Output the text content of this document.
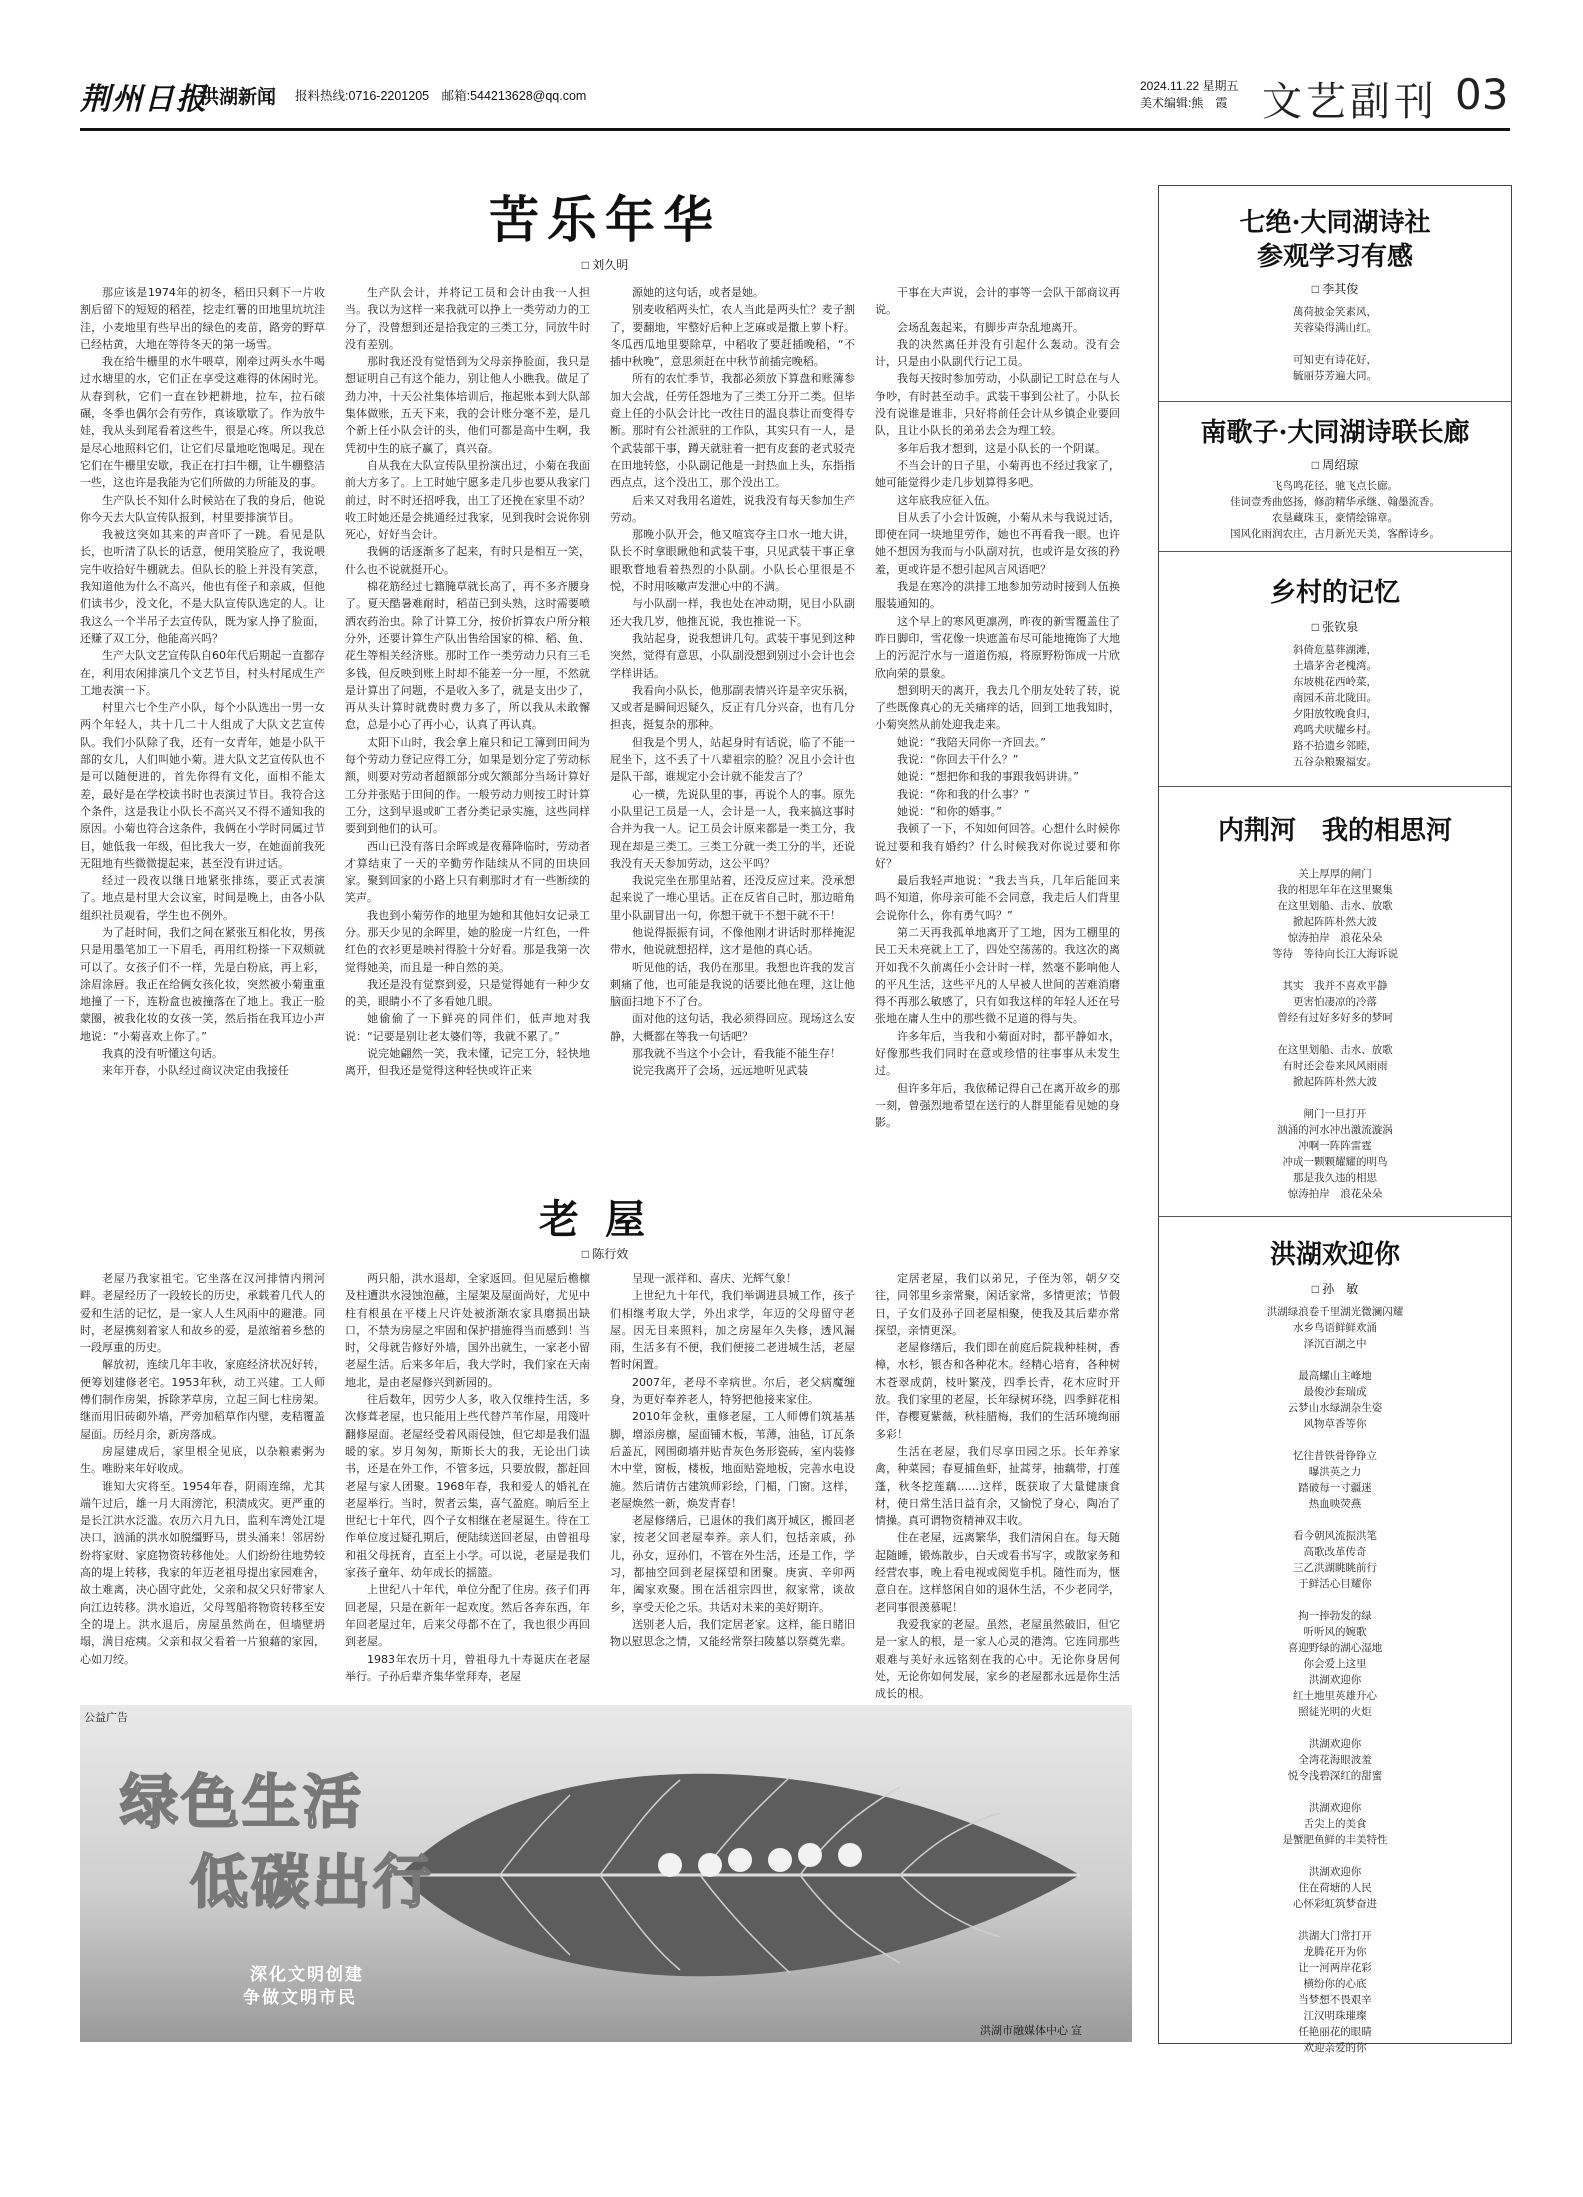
荆州日报
洪湖新闻 报料热线:0716-2201205　邮箱:544213628@qq.com
2024.11.22 星期五
美术编辑:熊　霞 文艺副刊 03
苦乐年华
□ 刘久明

那应该是1974年的初冬，稻田只剩下一片收割后留下的短短的稻茬，挖走红薯的田地里坑坑洼洼，小麦地里有些早出的绿色的麦苗，路旁的野草已经枯黄，大地在等待冬天的第一场雪。

我在给牛栅里的水牛喂草，刚牵过两头水牛喝过水塘里的水，它们正在享受这难得的休闲时光。从春到秋，它们一直在钞耙耕地，拉车，拉石磙碾，冬季也偶尔会有劳作，真该歇歇了。作为放牛娃，我从头到尾看着这些牛，很是心疼。所以我总是尽心地照料它们，让它们尽量地吃饱喝足。现在它们在牛栅里安歇，我正在打扫牛棚，让牛棚整洁一些，这也许是我能为它们所做的力所能及的事。

生产队长不知什么时候站在了我的身后，他说你今天去大队宣传队报到，村里要排演节目。

我被这突如其来的声音吓了一跳。看见是队长，也听清了队长的话意，便用笑脸应了，我说喂完牛收拾好牛棚就去。但队长的脸上并没有笑意，我知道他为什么不高兴，他也有侄子和亲戚，但他们读书少，没文化，不是大队宣传队选定的人。让我这么一个半吊子去宣传队，既为家人挣了脸面，还赚了双工分，他能高兴吗？

生产大队文艺宣传队自60年代后期起一直都存在，利用农闲排演几个文艺节目，村头村尾成生产工地表演一下。

村里六七个生产小队，每个小队选出一男一女两个年轻人，共十几二十人组成了大队文艺宣传队。我们小队除了我，还有一女青年，她是小队干部的女儿，人们叫她小菊。进大队文艺宣传队也不是可以随便进的，首先你得有文化，面相不能太差，最好是在学校读书时也表演过节目。我符合这个条件，这是我让小队长不高兴又不得不通知我的原因。小菊也符合这条件，我俩在小学时同属过节目，她低我一年级，但比我大一岁，在她面前我死无阻地有些微微提起来，甚至没有讲过话。

经过一段夜以继日地紧张排练，要正式表演了。地点是村里大会议室，时间是晚上，由各小队组织社员观看，学生也不例外。

为了赶时间，我们之间在紧张互相化妆，男孩只是用墨笔加工一下眉毛，再用红粉搽一下双颊就可以了。女孩子们不一样，先是白粉底，再上彩，涂眉涂唇。我正在给俩女孩化妆，突然被小菊重重地撞了一下，连粉盒也被撞落在了地上。我正一脸蒙圈，被我化妆的女孩一笑，然后指在我耳边小声地说：“小菊喜欢上你了。”

我真的没有听懂这句话。

来年开春，小队经过商议决定由我接任

生产队会计，并将记工员和会计由我一人担当。我以为这样一来我就可以挣上一类劳动力的工分了，没曾想到还是拾我定的三类工分，同放牛时没有差别。

那时我还没有觉悟到为父母亲挣脸面，我只是想证明自己有这个能力，别让他人小瞧我。做足了劲力冲，十天公社集体培训后，拖起账本到大队部集体做账，五天下来，我的会计账分毫不差，是几个新上任小队会计的头，他们可都是高中生啊，我凭初中生的底子赢了，真兴奋。

自从我在大队宣传队里扮演出过，小菊在我面前大方多了。上工时她宁愿多走几步也要从我家门前过，时不时还招呼我，出工了还挽在家里不动？收工时她还是会挑通经过我家，见到我时会说你别死心，好好当会计。

我俩的话逐渐多了起来，有时只是相互一笑，什么也不说就挺开心。

棉花筋经过七籍腌草就长高了，再不多齐腰身了。夏天酷暑难耐时，稻苗已到头熟，这时需要喷洒农药治虫。除了计算工分，按价折算农户所分粮分外，还要计算生产队出售给国家的棉、稻、鱼、花生等相关经济账。那时工作一类劳动力只有三毛多钱，但反映到账上时却不能差一分一厘，不然就是计算出了问题，不是收入多了，就是支出少了，再从头计算时就费时费力多了，所以我从未敢懈怠，总是小心了再小心，认真了再认真。

太阳下山时，我会拿上雇只和记工簿到田间为每个劳动力登记应得工分，如果是划分定了劳动标额，则要对劳动者超额部分或欠额部分当场计算好工分并张贴于田间的作。一般劳动力则按工时计算工分，这到早退或旷工者分类记录实施，这些同样要到到他们的认可。

西山已没有落日余晖或是夜幕降临时，劳动者才算结束了一天的辛勤劳作陆续从不同的田块回家。聚到回家的小路上只有剩那时才有一些断续的笑声。

我也到小菊劳作的地里为她和其他妇女记录工分。那天少见的余晖里，她的脸庞一片红色，一件红色的衣衫更是映衬得脸十分好看。那是我第一次觉得她美，而且是一种自然的美。

我还是没有觉察到爱，只是觉得她有一种少女的美，眼睛小不了多看她几眼。

她偷偷了一下鲜亮的同伴们，低声地对我说：“记要是别让老太婆们等，我就不累了。”

说完她翩然一笑，我未懂，记完工分，轻快地离开，但我还是觉得这种轻快或许正来

源她的这句话，或者是她。

别麦收稻两头忙，农人当此是两头忙？麦子割了，要翻地，牢整好后种上芝麻或是撒上萝卜籽。冬瓜西瓜地里要除草，中稻收了要赶插晚稻，“不插中秋晚”，意思须赶在中秋节前插完晚稻。

所有的农忙季节，我都必须放下算盘和账簿参加大会战，任劳任怨地为了三类工分开二类。但毕竟上任的小队会计比一改往日的温良恭让而变得专断。那时有公社派驻的工作队，其实只有一人，是个武装部干事，蹲天就驻着一把有皮套的老式驳壳在田地转悠，小队副记他是一封热血上头，东指指西点点，这个没出工，那个没出工。

后来又对我用名道姓，说我没有每天参加生产劳动。

那晚小队开会，他又喧宾夺主口水一地大讲，队长不时拿眼瞅他和武装干事，只见武装干事正拿眼歌瞀地看着热烈的小队副。小队长心里很是不悦，不时用咳嗽声发泄心中的不满。

与小队副一样，我也处在冲动期，见目小队副还大我几岁，他推瓦说，我也推说一下。

我站起身，说我想讲几句。武装干事见到这种突然，觉得有意思，小队副没想到别过小会计也会学样讲话。

我看向小队长，他那副表情兴许是辛灾乐祸，又或者是瞬间迟疑久，反正有几分兴奋，也有几分担丧，挺复杂的那种。

但我是个男人，站起身时有话说，临了不能一屁坐下，这不丢了十八辈祖宗的脸？况且小会计也是队干部，谁规定小会计就不能发言了？

心一横，先说队里的事，再说个人的事。原先小队里记工员是一人，会计是一人，我来搞这事时合并为我一人。记工员会计原来都是一类工分，我现在却是三类工。三类工分就一类工分的半，还说我没有天天参加劳动，这公平吗？

我说完坐在那里站着，还没反应过来。没承想起来说了一堆心里话。正在反省自己时，那边暗角里小队副冒出一句，你想干就干不想干就不干！

他说得振振有词，不像他刚才讲话时那样掩泥带水，他说就想招样，这才是他的真心话。

听见他的话，我仍在那里。我想也许我的发言刺痛了他，也可能是我说的话要比他在理，这让他脑面扫地下不了台。

面对他的这句话，我必须得回应。现场这么安静，大概都在等我一句话吧？

那我就不当这个小会计，看我能不能生存！

说完我离开了会场，远远地听见武装

干事在大声说，会计的事等一会队干部商议再说。

会场乱轰起来，有脚步声杂乱地离开。

我的决然离任并没有引起什么轰动。没有会计，只是由小队副代行记工员。

我每天按时参加劳动，小队副记工时总在与人争吵，有时甚至动手。武装干事到公社了。小队长没有说谁是谁非，只好将前任会计从乡镇企业要回队，且让小队长的弟弟去会为理工较。

多年后我才想到，这是小队长的一个阴谋。

不当会计的日子里，小菊再也不经过我家了，她可能觉得少走几步划算得多吧。

这年底我应征入伍。

目从丢了小会计饭碗，小菊从未与我说过话，即使在同一块地里劳作，她也不再看我一眼。也许她不想因为我而与小队副对抗，也或许是女孩的矜羞，更或许是不想引起风言风语吧？

我是在寒冷的洪排工地参加劳动时接到人伍换服装通知的。

这个早上的寒风更凛冽，昨夜的新雪覆盖住了昨日脚印，雪花像一块遮盖布尽可能地掩饰了大地上的污泥泞水与一道道伤痕，将原野粉饰成一片欣欣向荣的景象。

想到明天的离开，我去几个朋友处转了转，说了些既像真心的无关痛痒的话，回到工地我知时，小菊突然从前处迎我走来。

她说：“我陪天同你一齐回去。”

我说：“你回去干什么？”

她说：“想把你和我的事跟我妈讲讲。”

我说：“你和我的什么事？”

她说：“和你的婚事。”

我顿了一下，不知如何回答。心想什么时候你说过要和我有婚约？什么时候我对你说过要和你好？

最后我轻声地说：“我去当兵，几年后能回来吗不知道，你母亲可能不会同意，我走后人们背里会说你什么，你有勇气吗？”

第二天再我孤单地离开了工地，因为工棚里的民工天未亮就上工了，四处空荡荡的。我这次的离开如我不久前离任小会计时一样，然毫不影响他人的平凡生活，这些平凡的人早被人世间的苦难消磨得不再那么敏感了，只有如我这样的年轻人还在号张地在庸人生中的那些微不足道的得与失。

许多年后，当我和小菊面对时，都平静如水，好像那些我们同时在意或珍惜的往事事从未发生过。

但许多年后，我依稀记得自己在离开故乡的那一刻，曾强烈地希望在送行的人群里能看见她的身影。

老屋
□ 陈行效

老屋乃我家祖宅。它坐落在汉河排情内荆河畔。老屋经历了一段较长的历史，承载着几代人的爱和生活的记忆，是一家人人生风雨中的避港。同时，老屋携刻着家人和故乡的爱，是浓缩着乡愁的一段厚重的历史。

解放初，连续几年丰收，家庭经济状况好转，便筹划建修老宅。1953年秋，动工兴建。工人师傅们制作房架，拆除茅草房，立起三间七柱房架。继而用旧砖砌外墙，严旁加稻草作内壁，麦秸覆盖屋面。历经月余，新房落成。

房屋建成后，家里根全见底，以杂粮素粥为生。唯盼来年好收成。

谁知大灾将至。1954年春，阴雨连绵，尤其端午过后，雄一月大雨滂沱，积渍成灾。更严重的是长江洪水泛滥。农历六月九日，监利车湾处江堤决口，汹涌的洪水如脱缰野马，贯头涌来！邻居纷纷将家财、家庭物资转移他处。人们纷纷往地势较高的堤上转移，我家的年迈老祖母提出家园难舍，故土难离，决心固守此处，父亲和叔父只好带家人向江边转移。洪水追近，父母驾船将物资转移至安全的堤上。洪水退后，房屋虽然尚在，但墙壁坍塌，满目疮痍。父亲和叔父看着一片狼藉的家园，心如刀绞。

两只船，洪水退却，全家返回。但见屋后檐檩及柱遭洪水浸蚀泡蘸，主屋架及屋面尚好，尤见中柱有根虽在平楼上尺许处被浙渐农家具磨损出缺口，不禁为房屋之牢固和保护措施得当而感到！当时，父母就告修好外墙，国外出就生，一家老小留老屋生活。后来多年后，我大学时，我们家在天南地北，是由老屋修兴到新园的。

往后数年，因劳少人多，收入仅维持生活，多次修葺老屋，也只能用上些代替芦苇作屋，用篾叶翻修屋面。老屋经受着风雨侵蚀，但它却是我们温暖的家。岁月匆匆，斯斯长大的我，无论出门读书，还是在外工作，不管多远，只要放假，都赶回老屋与家人团聚。1968年春，我和爱人的婚礼在老屋举行。当时，贺者云集，喜气盈庭。晌后至上世纪七十年代，四个子女相继在老屋诞生。待在工作单位度过疑孔期后，便陆续送回老屋，由曾祖母和祖父母抚育，直至上小学。可以说，老屋是我们家孩子童年、幼年成长的摇篮。

上世纪八十年代，单位分配了住房。孩子们再回老屋，只是在新年一起欢度。然后各奔东西，年年回老屋过年，后来父母都不在了，我也很少再回到老屋。

1983年农历十月，曾祖母九十寿诞庆在老屋举行。子孙后辈齐集华堂拜寿，老屋

呈现一派祥和、喜庆、光辉气象！

上世纪九十年代，我们举调进县城工作，孩子们相继考取大学，外出求学，年迈的父母留守老屋。因无目来照料，加之房屋年久失修，透风漏雨，生活多有不便，我们便接二老进城生活，老屋暂时闲置。

2007年，老母不幸病世。尔后，老父病魔缠身，为更好奉养老人，特努把他接来家住。

2010年金秋，重修老屋，工人师傅们筑基基脚，增添房檩，屋面铺木板，苇薄，油毡，订瓦条后盖瓦，网围砌墙并贴青灰色务形瓷砖，室内装修木中堂，窗板，楼板，地面贴瓷地板，完善水电设施。然后请仿古建筑师彩绘，门楣，门窗。这样，老屋焕然一新，焕发青春！

老屋修缮后，已退休的我们离开城区，搬回老家，按老父回老屋奉养。亲人们，包括亲戚，孙儿，孙女，逗孙们，不管在外生活，还是工作，学习，都抽空回到老屋探望和团聚。庚寅、辛卯两年，阖家欢聚。围在活祖宗四世，叙家常，谈故乡，享受天伦之乐。共话对未来的美好期许。

送别老人后，我们定居老家。这样，能日睹旧物以慰思念之情，又能经常祭扫陵墓以祭奠先辈。

定居老屋，我们以弟兄，子侄为邻，朝夕交往，同邻里乡亲常聚，闲话家常，多情更浓；节假日，子女们及孙子回老屋相聚，使我及其后辈亦常探望，亲情更深。

老屋修缮后，我们即在前庭后院栽种桂树，香樟，水杉，银杏和各种花木。经精心培育，各种树木苍翠成荫，枝叶繁茂，四季长青，花木应时开放。我们家里的老屋，长年绿树环绕，四季鲜花相伴，春樱夏紫薇，秋桂腊梅，我们的生活环境绚丽多彩！

生活在老屋，我们尽享田园之乐。长年养家禽，种菜园；春夏捕鱼虾，扯蒿芽，抽藕带，打莲蓬，秋冬挖莲藕……这样，既获取了大量健康食材，使日常生活日益有余，又愉悦了身心，陶冶了情操。真可谓物资精神双丰收。

住在老屋，远离繁华，我们清闲自在。每天随起随睡，锻炼散步，白天或看书写字，或散家务和经营农事，晚上看电视或阅览手机。随性而为，惬意自在。这样悠闲自如的退休生活，不少老同学，老同事很羡慕呢！

我爱我家的老屋。虽然，老屋虽然破旧，但它是一家人的根，是一家人心灵的港湾。它连同那些艰难与美好永远铭刻在我的心中。无论你身居何处，无论你如何发展，家乡的老屋都永远是你生活成长的根。

七绝·大同湖诗社
参观学习有感
□ 李其俊
萬荷披金笑素风，
芙蓉染得满山红。
可知吏有诗花好，
毓丽芬芳遍大同。
南歌子·大同湖诗联长廊
□ 周绍琼
飞鸟鸣花径，驰飞点长廊。
佳词壹秀曲悠扬，修韵精华承继、翰墨流香。
农垦藏珠玉，豪情绘锦章。
国风化雨润农庄，古月新光天美，客醉诗乡。
乡村的记忆
□ 张钦泉
斜倚危墓葬湖滩，
土墙茅舍老槐湾。
东坡桃花西岭菜，
南园禾苗北陇田。
夕阳放牧晚食归，
鸡鸣犬吠耀乡村。
路不拾遗乡邻睦，
五谷杂粮聚福安。
内荆河　我的相思河
关上厚厚的闸门
我的相思年年在这里聚集
在这里划船、击水、放歌
掀起阵阵朴然大波
惊涛拍岸　浪花朵朵
等待　等待向长江大海诉说
其实　我并不喜欢平静
更害怕凄凉的冷落
曾经有过好多好多的梦呵
在这里划船、击水、放歌
有时还会卷来风风雨雨
掀起阵阵朴然大波
闸门一旦打开
汹涌的河水冲出激流漩涡
冲啊一阵阵雷霆
冲成一颗颗耀耀的明鸟
那是我久违的相思
惊涛拍岸　浪花朵朵
洪湖欢迎你
□ 孙　敏
洪湖绿浪卷千里湖光微澜闪耀
水乡鸟语鲜鲜欢涌
泽沉百湖之中
最高螺山主峰地
最俊沙套瑞成
云梦山水绿湖杂生姿
风物草香等你
忆往昔铁骨铮铮立
曝洪英之力
踏破每一寸疆迷
热血映荧燕
看今朝风流振洪笔
高歌改革传奇
三乙洪湖眺眺前行
于鲜活心目耀你
拘一捧勃发的绿
听听风的婉歌
喜迎野绿的湖心湿地
你会爱上这里
洪湖欢迎你
红土地里英雄升心
照徒光明的火炬
洪湖欢迎你
全湾花海眼波羞
悦令浅碧深红的甜蜜
洪湖欢迎你
舌尖上的美食
是蟹肥鱼鲜的丰美特性
洪湖欢迎你
住在荷塘的人民
心怀彩虹筑梦奋进
洪湖大门常打开
龙腾花开为你
让一河两岸花彩
横纷你的心底
当梦想不畏艰辛
江汉明珠璀璨
任艳丽花的眼睛
欢迎亲爱的你
公益广告
绿色生活
低碳出行
深化文明创建
争做文明市民
洪湖市融媒体中心 宣
